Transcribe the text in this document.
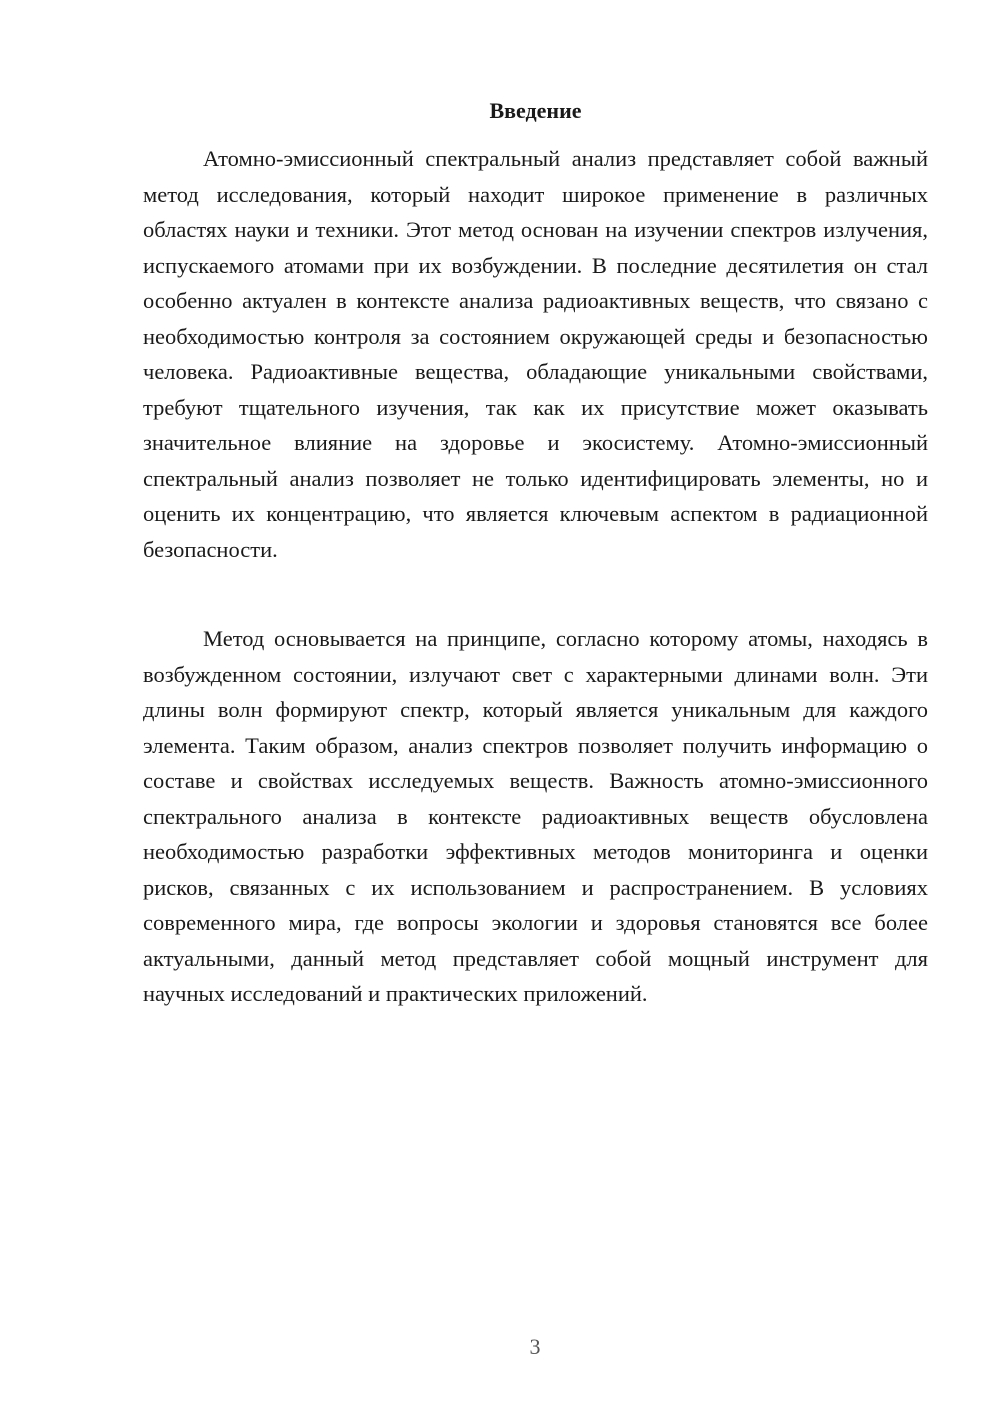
Введение

Атомно-эмиссионный спектральный анализ представляет собой важный метод исследования, который находит широкое применение в различных областях науки и техники. Этот метод основан на изучении спектров излучения, испускаемого атомами при их возбуждении. В последние десятилетия он стал особенно актуален в контексте анализа радиоактивных веществ, что связано с необходимостью контроля за состоянием окружающей среды и безопасностью человека. Радиоактивные вещества, обладающие уникальными свойствами, требуют тщательного изучения, так как их присутствие может оказывать значительное влияние на здоровье и экосистему. Атомно-эмиссионный спектральный анализ позволяет не только идентифицировать элементы, но и оценить их концентрацию, что является ключевым аспектом в радиационной безопасности.

Метод основывается на принципе, согласно которому атомы, находясь в возбужденном состоянии, излучают свет с характерными длинами волн. Эти длины волн формируют спектр, который является уникальным для каждого элемента. Таким образом, анализ спектров позволяет получить информацию о составе и свойствах исследуемых веществ. Важность атомно-эмиссионного спектрального анализа в контексте радиоактивных веществ обусловлена необходимостью разработки эффективных методов мониторинга и оценки рисков, связанных с их использованием и распространением. В условиях современного мира, где вопросы экологии и здоровья становятся все более актуальными, данный метод представляет собой мощный инструмент для научных исследований и практических приложений.

3
